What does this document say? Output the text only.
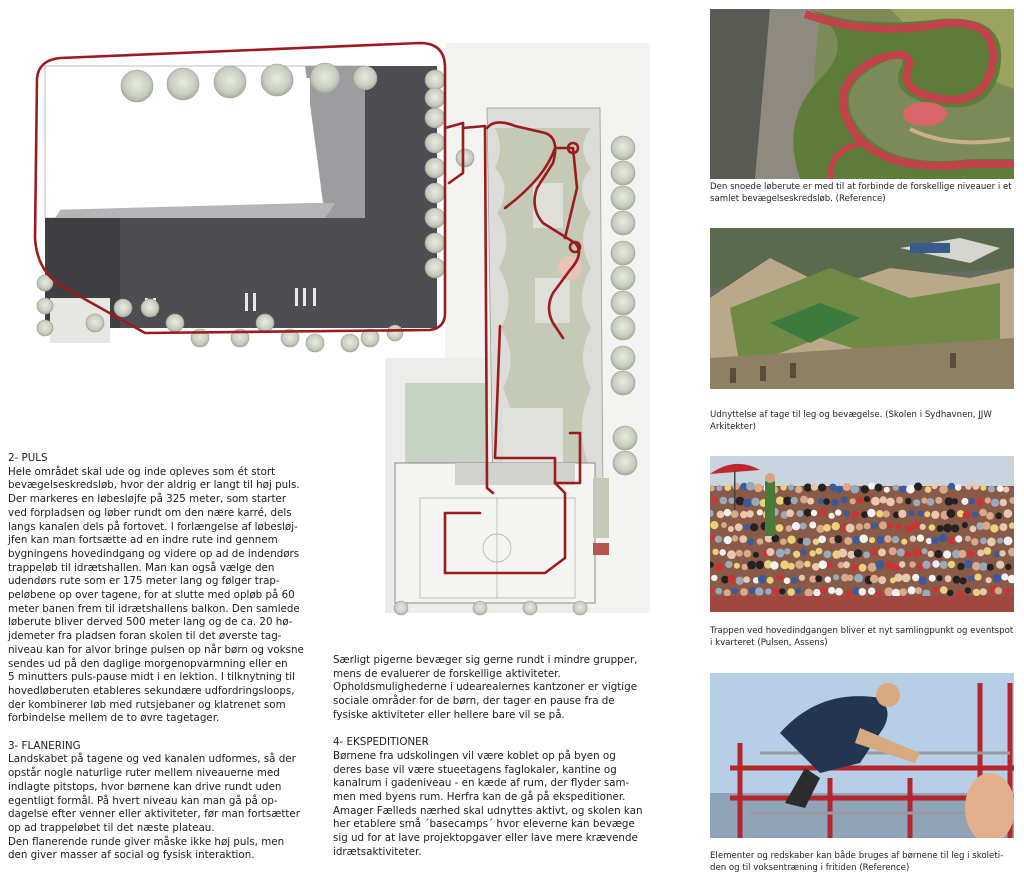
2- PULS

Hele området skal ude og inde opleves som ét stort

bevægelseskredsløb, hvor der aldrig er langt til høj puls.

Der markeres en løbesløjfe på 325 meter, som starter

ved forpladsen og løber rundt om den nære karré, dels

langs kanalen dels på fortovet. I forlængelse af løbesløj-

jfen kan man fortsætte ad en indre rute ind gennem

bygningens hovedindgang og videre op ad de indendørs

trappeløb til idrætshallen. Man kan også vælge den

udendørs rute som er 175 meter lang og følger trap-

peløbene op over tagene, for at slutte med opløb på 60

meter banen frem til idrætshallens balkon. Den samlede

løberute bliver derved 500 meter lang og de ca. 20 hø-

jdemeter fra pladsen foran skolen til det øverste tag-

niveau kan for alvor bringe pulsen op når børn og voksne

sendes ud på den daglige morgenopvarmning eller en

5 minutters puls-pause midt i en lektion. I tilknytning til

hovedløberuten etableres sekundære udfordringsloops,

der kombinerer løb med rutsjebaner og klatrenet som

forbindelse mellem de to øvre tagetager.

3- FLANERING

Landskabet på tagene og ved kanalen udformes, så der

opstår nogle naturlige ruter mellem niveauerne med

indlagte pitstops, hvor børnene kan drive rundt uden

egentligt formål. På hvert niveau kan man gå på op-

dagelse efter venner eller aktiviteter, før man fortsætter

op ad trappeløbet til det næste plateau.

Den flanerende runde giver måske ikke høj puls, men

den giver masser af social og fysisk interaktion.

Særligt pigerne bevæger sig gerne rundt i mindre grupper,

mens de evaluerer de forskellige aktiviteter.

Opholdsmulighederne i udearealernes kantzoner er vigtige

sociale områder for de børn, der tager en pause fra de

fysiske aktiviteter eller hellere bare vil se på.

4- EKSPEDITIONER

Børnene fra udskolingen vil være koblet op på byen og

deres base vil være stueetagens faglokaler, kantine og

kanalrum i gadeniveau - en kæde af rum, der flyder sam-

men med byens rum. Herfra kan de gå på ekspeditioner.

Amager Fælleds nærhed skal udnyttes aktivt, og skolen kan

her etablere små ´basecamps´ hvor eleverne kan bevæge

sig ud for at lave projektopgaver eller lave mere krævende

idrætsaktiviteter.

Den snoede løberute er med til at forbinde de forskellige niveauer i et
samlet bevægelseskredsløb. (Reference)
Udnyttelse af tage til leg og bevægelse. (Skolen i Sydhavnen, JJW
Arkitekter)
Trappen ved hovedindgangen bliver et nyt samlingpunkt og eventspot
i kvarteret (Pulsen, Assens)
Elementer og redskaber kan både bruges af børnene til leg i skoleti-
den og til voksentræning i fritiden (Reference)
